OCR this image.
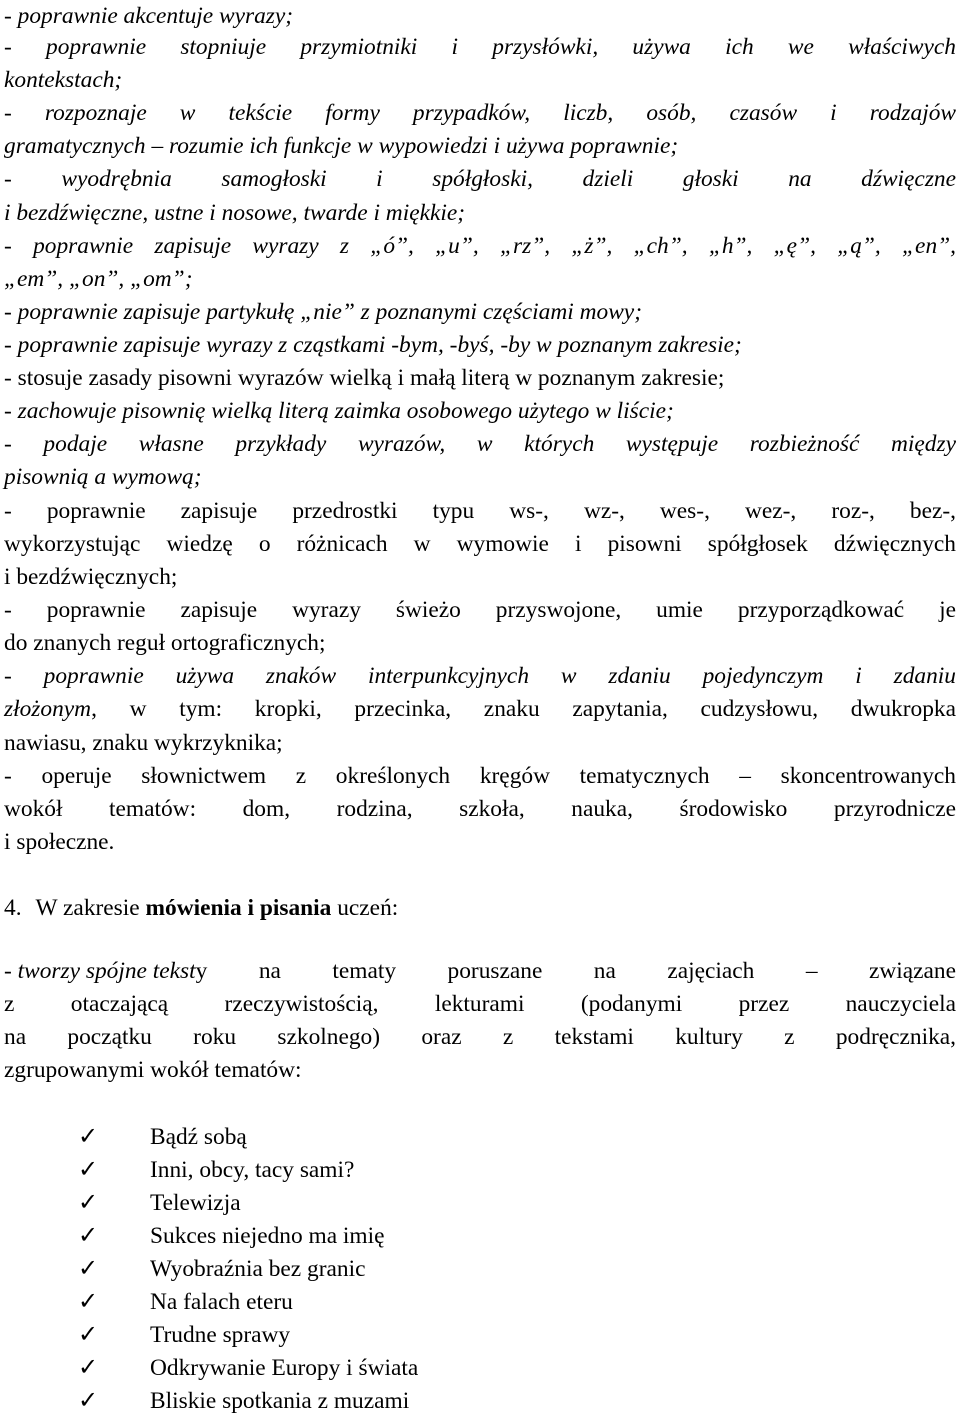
- poprawnie akcentuje wyrazy;
- poprawnie stopniuje przymiotniki i przysłówki, używa ich we właściwych
kontekstach;
- rozpoznaje w tekście formy przypadków, liczb, osób, czasów i rodzajów
gramatycznych – rozumie ich funkcje w wypowiedzi i używa poprawnie;
- wyodrębnia samogłoski i spółgłoski, dzieli głoski na dźwięczne
i bezdźwięczne, ustne i nosowe, twarde i miękkie;
- poprawnie zapisuje wyrazy z „ó”, „u”, „rz”, „ż”, „ch”, „h”, „ę”, „ą”, „en”,
„em”, „on”, „om”;
- poprawnie zapisuje partykułę „nie” z poznanymi częściami mowy;
- poprawnie zapisuje wyrazy z cząstkami -bym, -byś, -by w poznanym zakresie;
- stosuje zasady pisowni wyrazów wielką i małą literą w poznanym zakresie;
- zachowuje pisownię wielką literą zaimka osobowego użytego w liście;
- podaje własne przykłady wyrazów, w których występuje rozbieżność między
pisownią a wymową;
- poprawnie zapisuje przedrostki typu ws-, wz-, wes-, wez-, roz-, bez-,
wykorzystując wiedzę o różnicach w wymowie i pisowni spółgłosek dźwięcznych
i bezdźwięcznych;
- poprawnie zapisuje wyrazy świeżo przyswojone, umie przyporządkować je
do znanych reguł ortograficznych;
- poprawnie używa znaków interpunkcyjnych w zdaniu pojedynczym i zdaniu
złożonym , w tym: kropki, przecinka, znaku zapytania, cudzysłowu, dwukropka
nawiasu, znaku wykrzyknika;
- operuje słownictwem z określonych kręgów tematycznych – skoncentrowanych
wokół tematów: dom, rodzina, szkoła, nauka, środowisko przyrodnicze
i społeczne.
4. W zakresie mówienia i pisania uczeń:
- tworzy spójne tekst y na tematy poruszane na zajęciach – związane
z otaczającą rzeczywistością, lekturami (podanymi przez nauczyciela
na początku roku szkolnego) oraz z tekstami kultury z podręcznika,
zgrupowanymi wokół tematów:
✓ Bądź sobą
✓ Inni, obcy, tacy sami?
✓ Telewizja
✓ Sukces niejedno ma imię
✓ Wyobraźnia bez granic
✓ Na falach eteru
✓ Trudne sprawy
✓ Odkrywanie Europy i świata
✓ Bliskie spotkania z muzami
